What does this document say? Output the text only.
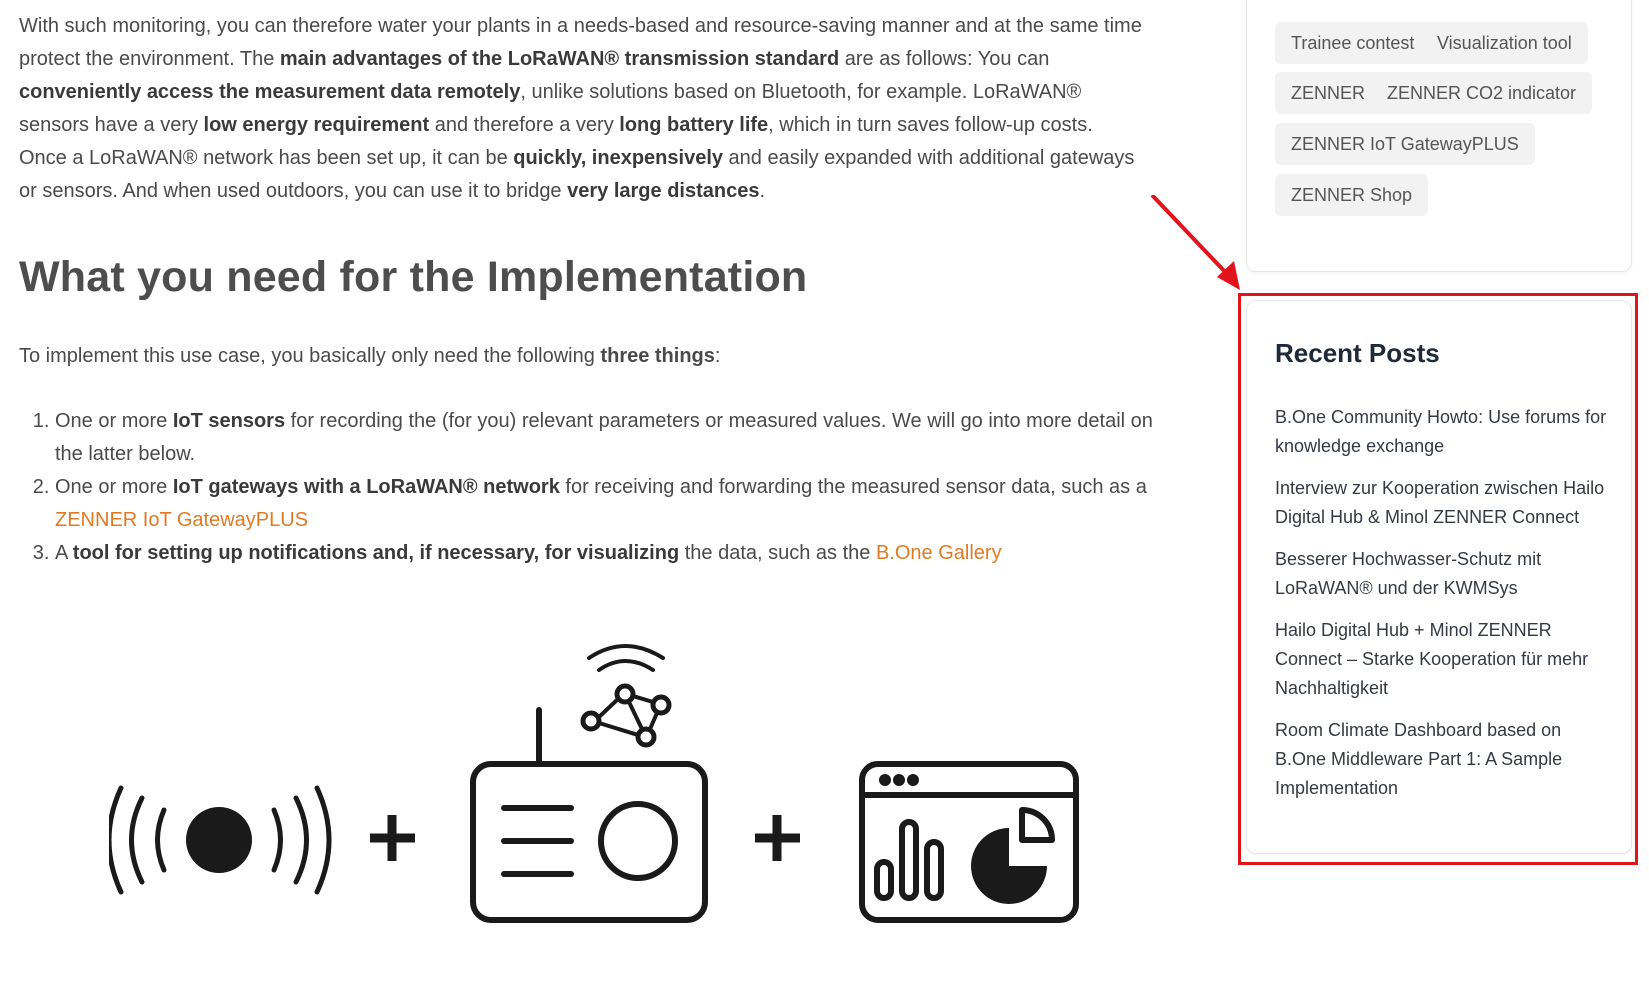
With such monitoring, you can therefore water your plants in a needs-based and resource-saving manner and at the same time protect the environment. The main advantages of the LoRaWAN® transmission standard are as follows: You can conveniently access the measurement data remotely, unlike solutions based on Bluetooth, for example. LoRaWAN® sensors have a very low energy requirement and therefore a very long battery life, which in turn saves follow-up costs. Once a LoRaWAN® network has been set up, it can be quickly, inexpensively and easily expanded with additional gateways or sensors. And when used outdoors, you can use it to bridge very large distances.

What you need for the Implementation

To implement this use case, you basically only need the following three things:

1. One or more IoT sensors for recording the (for you) relevant parameters or measured values. We will go into more detail on the latter below.
2. One or more IoT gateways with a LoRaWAN® network for receiving and forwarding the measured sensor data, such as a ZENNER IoT GatewayPLUS
3. A tool for setting up notifications and, if necessary, for visualizing the data, such as the B.One Gallery
Trainee contest	Visualization tool
ZENNER	ZENNER CO2 indicator
ZENNER IoT GatewayPLUS
ZENNER Shop
Recent Posts
B.One Community Howto: Use forums for knowledge exchange
Interview zur Kooperation zwischen Hailo Digital Hub & Minol ZENNER Connect
Besserer Hochwasser-Schutz mit LoRaWAN® und der KWMSys
Hailo Digital Hub + Minol ZENNER Connect – Starke Kooperation für mehr Nachhaltigkeit
Room Climate Dashboard based on B.One Middleware Part 1: A Sample Implementation
